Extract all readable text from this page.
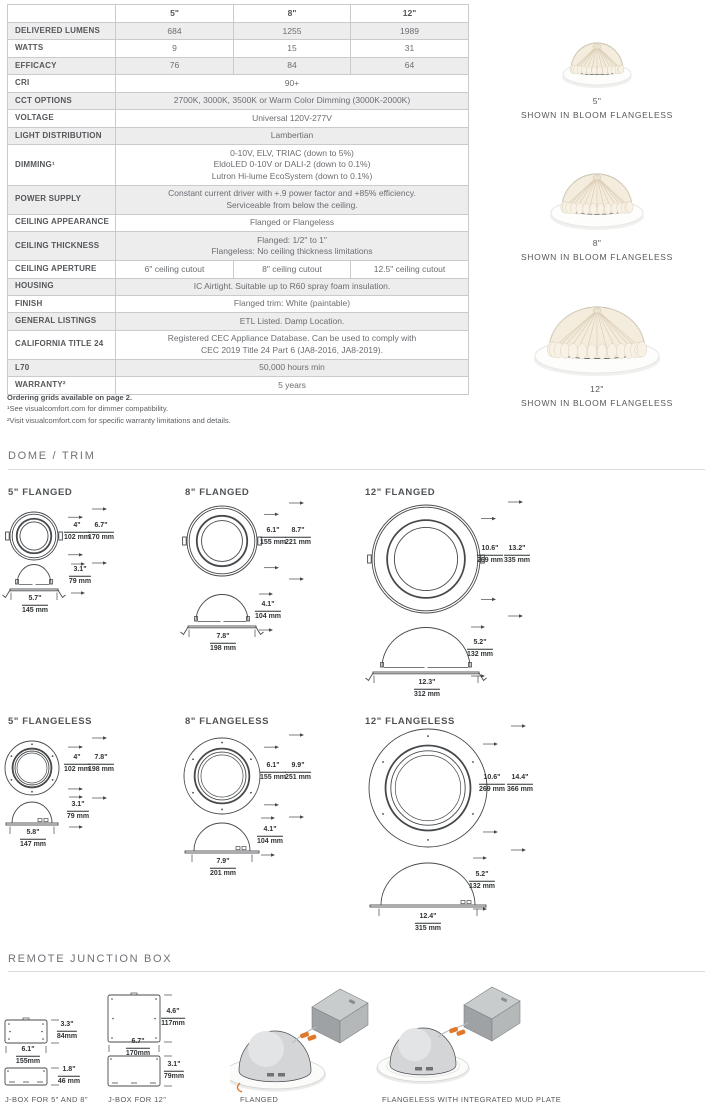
	5"	8"	12"
DELIVERED LUMENS	684	1255	1989
WATTS	9	15	31
EFFICACY	76	84	64
CRI	90+		
CCT OPTIONS	2700K, 3000K, 3500K or Warm Color Dimming (3000K-2000K)		
VOLTAGE	Universal 120V-277V		
LIGHT DISTRIBUTION	Lambertian		
DIMMING¹	0-10V, ELV, TRIAC (down to 5%)
EldoLED 0-10V or DALI-2 (down to 0.1%)
Lutron Hi-lume EcoSystem (down to 0.1%)		

POWER SUPPLY	Constant current driver with +.9 power factor and +85% efficiency.
Serviceable from below the ceiling.		

CEILING APPEARANCE	Flanged or Flangeless		
CEILING THICKNESS	Flanged: 1/2" to 1"
Flangeless: No ceiling thickness limitations		

CEILING APERTURE	6" ceiling cutout	8" ceiling cutout	12.5" ceiling cutout
HOUSING	IC Airtight. Suitable up to R60 spray foam insulation.		
FINISH	Flanged trim: White (paintable)		
GENERAL LISTINGS	ETL Listed. Damp Location.		
CALIFORNIA TITLE 24	Registered CEC Appliance Database. Can be used to comply with
CEC 2019 Title 24 Part 6 (JA8-2016, JA8-2019).		

L70	50,000 hours min		
WARRANTY²	5 years		
Ordering grids available on page 2.
¹See visualcomfort.com for dimmer compatibility.
²Visit visualcomfort.com for specific warranty limitations and details.
5"
SHOWN IN BLOOM FLANGELESS
8"
SHOWN IN BLOOM FLANGELESS
12"
SHOWN IN BLOOM FLANGELESS
DOME / TRIM
5" FLANGED
4"
102 mm
6.7"
170 mm
3.1"
79 mm
5.7"
145 mm
8" FLANGED
6.1"
155 mm
8.7"
221 mm
4.1"
104 mm
7.8"
198 mm
12" FLANGED
10.6"
269 mm
13.2"
335 mm
5.2"
132 mm
12.3"
312 mm
5" FLANGELESS
4"
102 mm
7.8"
198 mm
3.1"
79 mm
5.8"
147 mm
8" FLANGELESS
6.1"
155 mm
9.9"
251 mm
4.1"
104 mm
7.9"
201 mm
12" FLANGELESS
10.6"
269 mm
14.4"
366 mm
5.2"
132 mm
12.4"
315 mm
REMOTE JUNCTION BOX
3.3"
84mm
6.1"
155mm
1.8"
46 mm
4.6"
117mm
6.7"
170mm
3.1"
79mm
J-BOX FOR 5" AND 8"	J-BOX FOR 12"	FLANGED	FLANGELESS WITH INTEGRATED MUD PLATE
